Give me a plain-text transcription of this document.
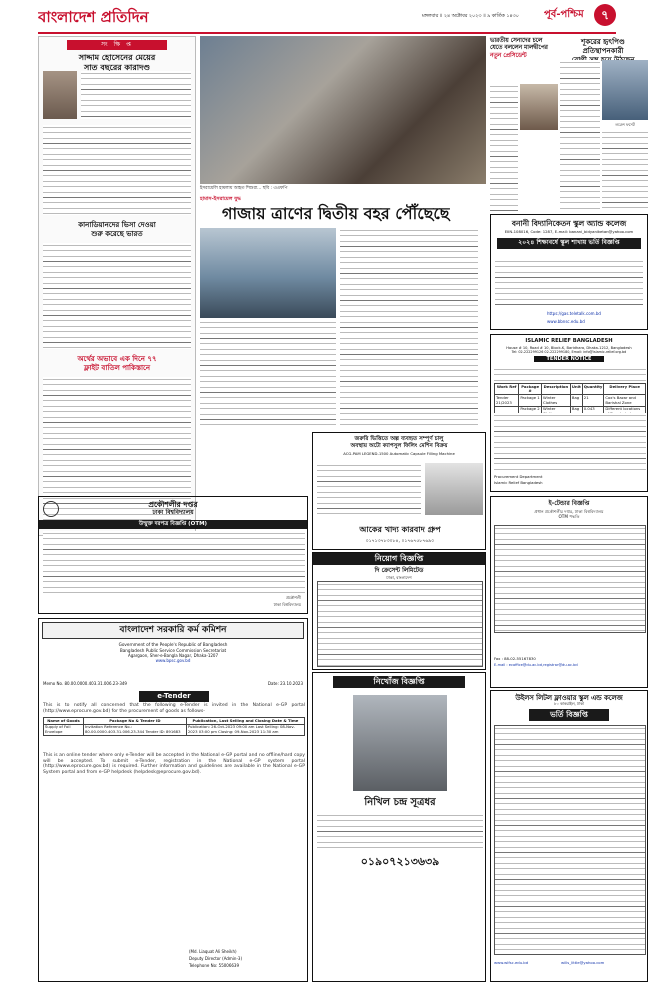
বাংলাদেশ প্রতিদিন	মঙ্গলবার ॥ ২৪ অক্টোবর ২০২৩ ॥ ৯ কার্তিক ১৪৩০	পূর্ব-পশ্চিম	৭
সং ক্ষি প্ত
সাদ্দাম হোসেনের মেয়ের
সাত বছরের কারাদণ্ড
কানাডিয়ানদের ভিসা দেওয়া
শুরু করেছে ভারত
অর্থের অভাবে এক দিনে ৭৭
ফ্লাইট বাতিল পাকিস্তানে
ইসরায়েলি হামলায় আহত শিশুরা... ছবি : এএফপি
হামাস-ইসরায়েল যুদ্ধ
গাজায় ত্রাণের দ্বিতীয় বহর পৌঁছেছে
ভারতীয় সেনাদের চলে যেতে বললেন মালদ্বীপের
নতুন প্রেসিডেন্ট
শূকরের হৃৎপিণ্ড প্রতিস্থাপনকারী
লরেন্স ফসেট
বনানী বিদ্যানিকেতন স্কুল অ্যান্ড কলেজ
EIIN-108016, Code: 1287, E-mail: banani_bidyaniketan@yahoo.com
২০২৪ শিক্ষাবর্ষে স্কুল শাখায় ভর্তি বিজ্ঞপ্তি
https://gas.teletalk.com.bd
www.bbnsc.edu.bd
ISLAMIC RELIEF BANGLADESH
House # 10, Road # 10, Block-K, Baridhara, Dhaka-1212, Bangladesh
Tel: 02-222299126 02-222299180, Email: info@islamic-relief.org.bd
TENDER NOTICE
Work Ref	Package #	Description	Unit	Quantity	Delivery Place
Tender 21/2023	Package 1	Winter Clothes	Bag	21	Cox's Bazar and Barishal Zone
	Package 2	Winter	Bag	0.043	Different locations
Procurement Department
Islamic Relief Bangladesh
প্রকৌশলীর দপ্তর
ঢাকা বিশ্ববিদ্যালয়
উন্মুক্ত দরপত্র বিজ্ঞপ্তি (OTM)
প্রকৌশলী
ঢাকা বিশ্ববিদ্যালয়
জরুরি ভিত্তিতে অল্প ব্যবহৃত সম্পূর্ণ চালু
অবস্থায় অটো ক্যাপসুল ফিলিং মেশিন বিক্রয়
ACG-PAM LEGEND-1500 Automatic Capsule Filling Machine
আকের খাদ্য কারবাদ গ্রুপ
০১৭১৩৭৮৩০৮৪, ০১৭৬৭৫৮৭৬৯০
নিয়োগ বিজ্ঞপ্তি
দি ক্রেসেন্ট লিমিটেড
ঢাকা, বাংলাদেশ
ই-টেন্ডার বিজ্ঞপ্তি
প্রধান প্রকৌশলীর দপ্তর, ঢাকা বিশ্ববিদ্যালয়
OTM পদ্ধতি
Fax : 88-02-55167830
E-mail : ecoffice@du.ac.bd,registrar@du.ac.bd
উইলস লিটল ফ্লাওয়ার স্কুল এন্ড কলেজ
৮০ কাকরাইল, ঢাকা
ভর্তি বিজ্ঞপ্তি
www.wlfsc.edu.bd	wills_little@yahoo.com
বাংলাদেশ সরকারি কর্ম কমিশন
Government of the People's Republic of Bangladesh
Bangladesh Public Service Commission Secretariat
Agargaon, Sher-e-Bangla Nagar, Dhaka-1207
www.bpsc.gov.bd
Memo No. 80.00.0000.403.31.006.23-349	Date: 23.10.2023
e-Tender
This is to notify all concerned that the following e-Tender is invited in the National e-GP portal (http://www.eprocure.gov.bd) for the procurement of goods as follows-
Name of Goods	Package No & Tender ID	Publication, Last Selling and Closing Date & Time
Supply of Foil Envelope	Invitation Reference No.: 80.00.0000.403.31.006.23-344 Tender ID: 891683	Publication: 26-Oct-2023 09:00 am Last Selling: 08-Nov-2023 03:00 pm Closing: 09-Nov-2023 11:30 am
This is an online tender where only e-Tender will be accepted in the National e-GP portal and no offline/hard copy will be accepted. To submit e-Tender, registration in the National e-GP system portal (http://www.eprocure.gov.bd) is required. Further information and guidelines are available in the National e-GP System portal and from e-GP helpdesk (helpdesk@eprocure.gov.bd).
(Md. Liaquat Ali Sheikh)
Deputy Director (Admin-3)
Telephone No: 55006639
নিখোঁজ বিজ্ঞপ্তি
নিখিল চন্দ্র সূত্রধর
০১৯০৭২১৩৬৩৯
